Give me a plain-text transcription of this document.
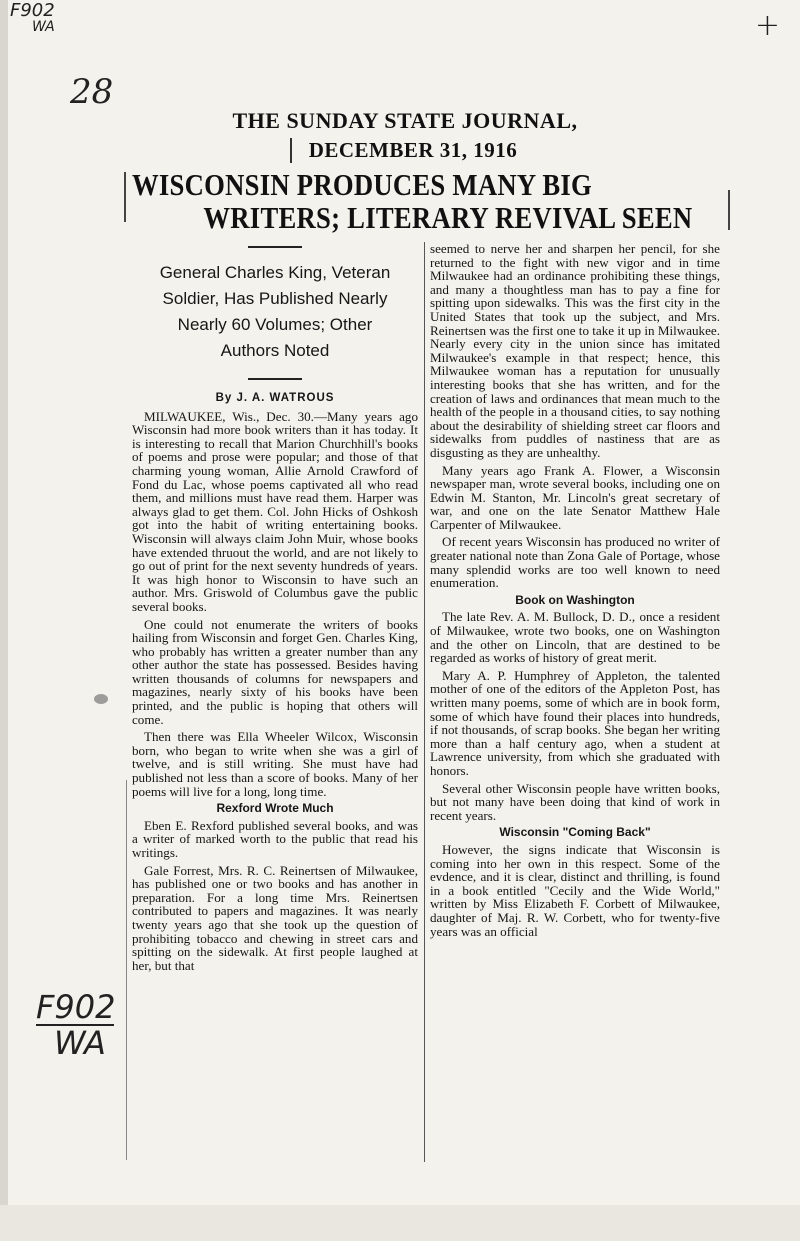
F902
WA	+
28
F902
WA
THE SUNDAY STATE JOURNAL,
DECEMBER 31, 1916
WISCONSIN PRODUCES MANY BIG
WRITERS; LITERARY REVIVAL SEEN
General Charles King, Veteran
Soldier, Has Published Nearly
Nearly 60 Volumes; Other
Authors Noted
By J. A. WATROUS

MILWAUKEE, Wis., Dec. 30.—Many years ago Wisconsin had more book writers than it has today. It is interesting to recall that Marion Churchhill's books of poems and prose were popular; and those of that charming young woman, Allie Arnold Crawford of Fond du Lac, whose poems captivated all who read them, and millions must have read them. Harper was always glad to get them. Col. John Hicks of Oshkosh got into the habit of writing entertaining books. Wisconsin will always claim John Muir, whose books have extended thruout the world, and are not likely to go out of print for the next seventy hundreds of years. It was high honor to Wisconsin to have such an author. Mrs. Griswold of Columbus gave the public several books.

One could not enumerate the writers of books hailing from Wisconsin and forget Gen. Charles King, who probably has written a greater number than any other author the state has possessed. Besides having written thousands of columns for newspapers and magazines, nearly sixty of his books have been printed, and the public is hoping that others will come.

Then there was Ella Wheeler Wilcox, Wisconsin born, who began to write when she was a girl of twelve, and is still writing. She must have had published not less than a score of books. Many of her poems will live for a long, long time.

Rexford Wrote Much

Eben E. Rexford published several books, and was a writer of marked worth to the public that read his writings.

Gale Forrest, Mrs. R. C. Reinertsen of Milwaukee, has published one or two books and has another in preparation. For a long time Mrs. Reinertsen contributed to papers and magazines. It was nearly twenty years ago that she took up the question of prohibiting tobacco and chewing in street cars and spitting on the sidewalk. At first people laughed at her, but that

seemed to nerve her and sharpen her pencil, for she returned to the fight with new vigor and in time Milwaukee had an ordinance prohibiting these things, and many a thoughtless man has to pay a fine for spitting upon sidewalks. This was the first city in the United States that took up the subject, and Mrs. Reinertsen was the first one to take it up in Milwaukee. Nearly every city in the union since has imitated Milwaukee's example in that respect; hence, this Milwaukee woman has a reputation for unusually interesting books that she has written, and for the creation of laws and ordinances that mean much to the health of the people in a thousand cities, to say nothing about the desirability of shielding street car floors and sidewalks from puddles of nastiness that are as disgusting as they are unhealthy.

Many years ago Frank A. Flower, a Wisconsin newspaper man, wrote several books, including one on Edwin M. Stanton, Mr. Lincoln's great secretary of war, and one on the late Senator Matthew Hale Carpenter of Milwaukee.

Of recent years Wisconsin has produced no writer of greater national note than Zona Gale of Portage, whose many splendid works are too well known to need enumeration.

Book on Washington

The late Rev. A. M. Bullock, D. D., once a resident of Milwaukee, wrote two books, one on Washington and the other on Lincoln, that are destined to be regarded as works of history of great merit.

Mary A. P. Humphrey of Appleton, the talented mother of one of the editors of the Appleton Post, has written many poems, some of which are in book form, some of which have found their places into hundreds, if not thousands, of scrap books. She began her writing more than a half century ago, when a student at Lawrence university, from which she graduated with honors.

Several other Wisconsin people have written books, but not many have been doing that kind of work in recent years.

Wisconsin "Coming Back"

However, the signs indicate that Wisconsin is coming into her own in this respect. Some of the evdence, and it is clear, distinct and thrilling, is found in a book entitled "Cecily and the Wide World," written by Miss Elizabeth F. Corbett of Milwaukee, daughter of Maj. R. W. Corbett, who for twenty-five years was an official
